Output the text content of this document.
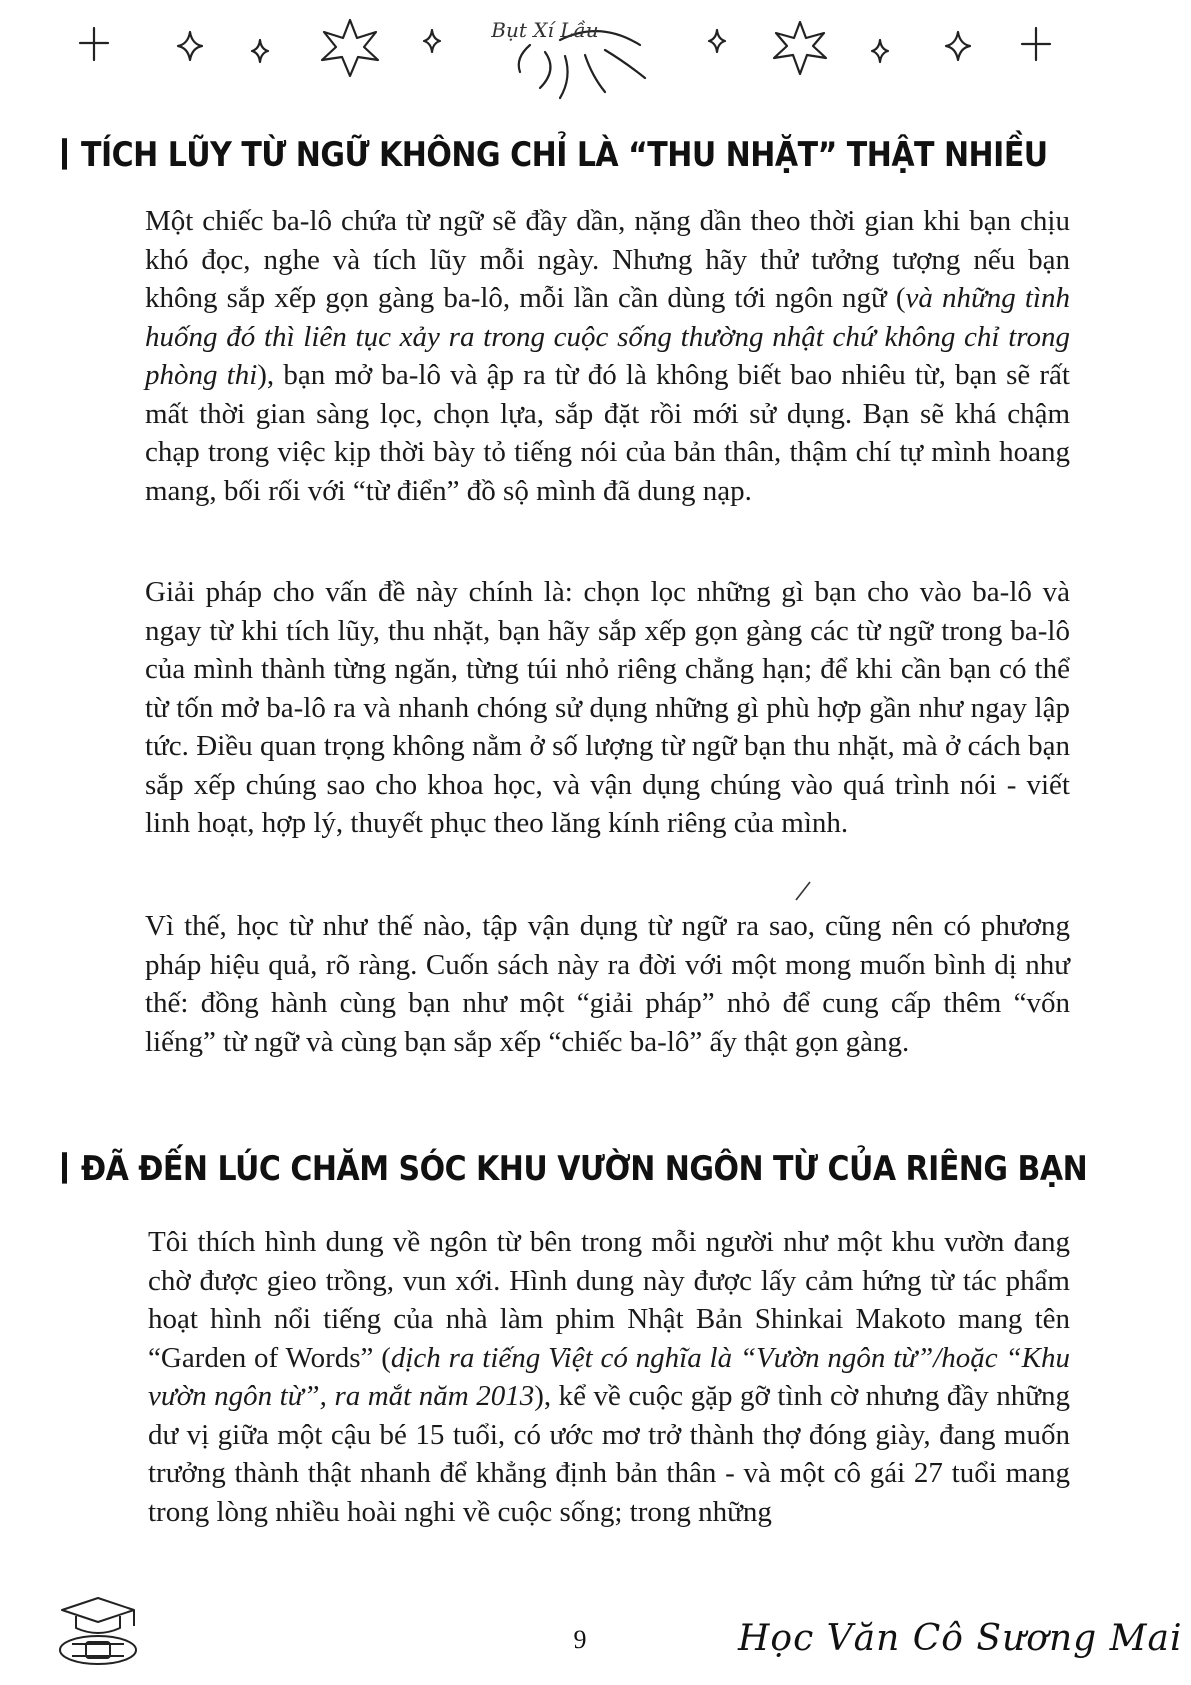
Bụt Xí Lầu
TÍCH LŨY TỪ NGỮ KHÔNG CHỈ LÀ “THU NHẶT” THẬT NHIỀU

Một chiếc ba-lô chứa từ ngữ sẽ đầy dần, nặng dần theo thời gian khi bạn chịu khó đọc, nghe và tích lũy mỗi ngày. Nhưng hãy thử tưởng tượng nếu bạn không sắp xếp gọn gàng ba-lô, mỗi lần cần dùng tới ngôn ngữ (và những tình huống đó thì liên tục xảy ra trong cuộc sống thường nhật chứ không chỉ trong phòng thi), bạn mở ba-lô và ập ra từ đó là không biết bao nhiêu từ, bạn sẽ rất mất thời gian sàng lọc, chọn lựa, sắp đặt rồi mới sử dụng. Bạn sẽ khá chậm chạp trong việc kịp thời bày tỏ tiếng nói của bản thân, thậm chí tự mình hoang mang, bối rối với “từ điển” đồ sộ mình đã dung nạp.

Giải pháp cho vấn đề này chính là: chọn lọc những gì bạn cho vào ba-lô và ngay từ khi tích lũy, thu nhặt, bạn hãy sắp xếp gọn gàng các từ ngữ trong ba-lô của mình thành từng ngăn, từng túi nhỏ riêng chẳng hạn; để khi cần bạn có thể từ tốn mở ba-lô ra và nhanh chóng sử dụng những gì phù hợp gần như ngay lập tức. Điều quan trọng không nằm ở số lượng từ ngữ bạn thu nhặt, mà ở cách bạn sắp xếp chúng sao cho khoa học, và vận dụng chúng vào quá trình nói - viết linh hoạt, hợp lý, thuyết phục theo lăng kính riêng của mình.

Vì thế, học từ như thế nào, tập vận dụng từ ngữ ra sao, cũng nên có phương pháp hiệu quả, rõ ràng. Cuốn sách này ra đời với một mong muốn bình dị như thế: đồng hành cùng bạn như một “giải pháp” nhỏ để cung cấp thêm “vốn liếng” từ ngữ và cùng bạn sắp xếp “chiếc ba-lô” ấy thật gọn gàng.

ĐÃ ĐẾN LÚC CHĂM SÓC KHU VƯỜN NGÔN TỪ CỦA RIÊNG BẠN

Tôi thích hình dung về ngôn từ bên trong mỗi người như một khu vườn đang chờ được gieo trồng, vun xới. Hình dung này được lấy cảm hứng từ tác phẩm hoạt hình nổi tiếng của nhà làm phim Nhật Bản Shinkai Makoto mang tên “Garden of Words” (dịch ra tiếng Việt có nghĩa là “Vườn ngôn từ”/hoặc “Khu vườn ngôn từ”, ra mắt năm 2013), kể về cuộc gặp gỡ tình cờ nhưng đầy những dư vị giữa một cậu bé 15 tuổi, có ước mơ trở thành thợ đóng giày, đang muốn trưởng thành thật nhanh để khẳng định bản thân - và một cô gái 27 tuổi mang trong lòng nhiều hoài nghi về cuộc sống; trong những

9	Học Văn Cô Sương Mai
